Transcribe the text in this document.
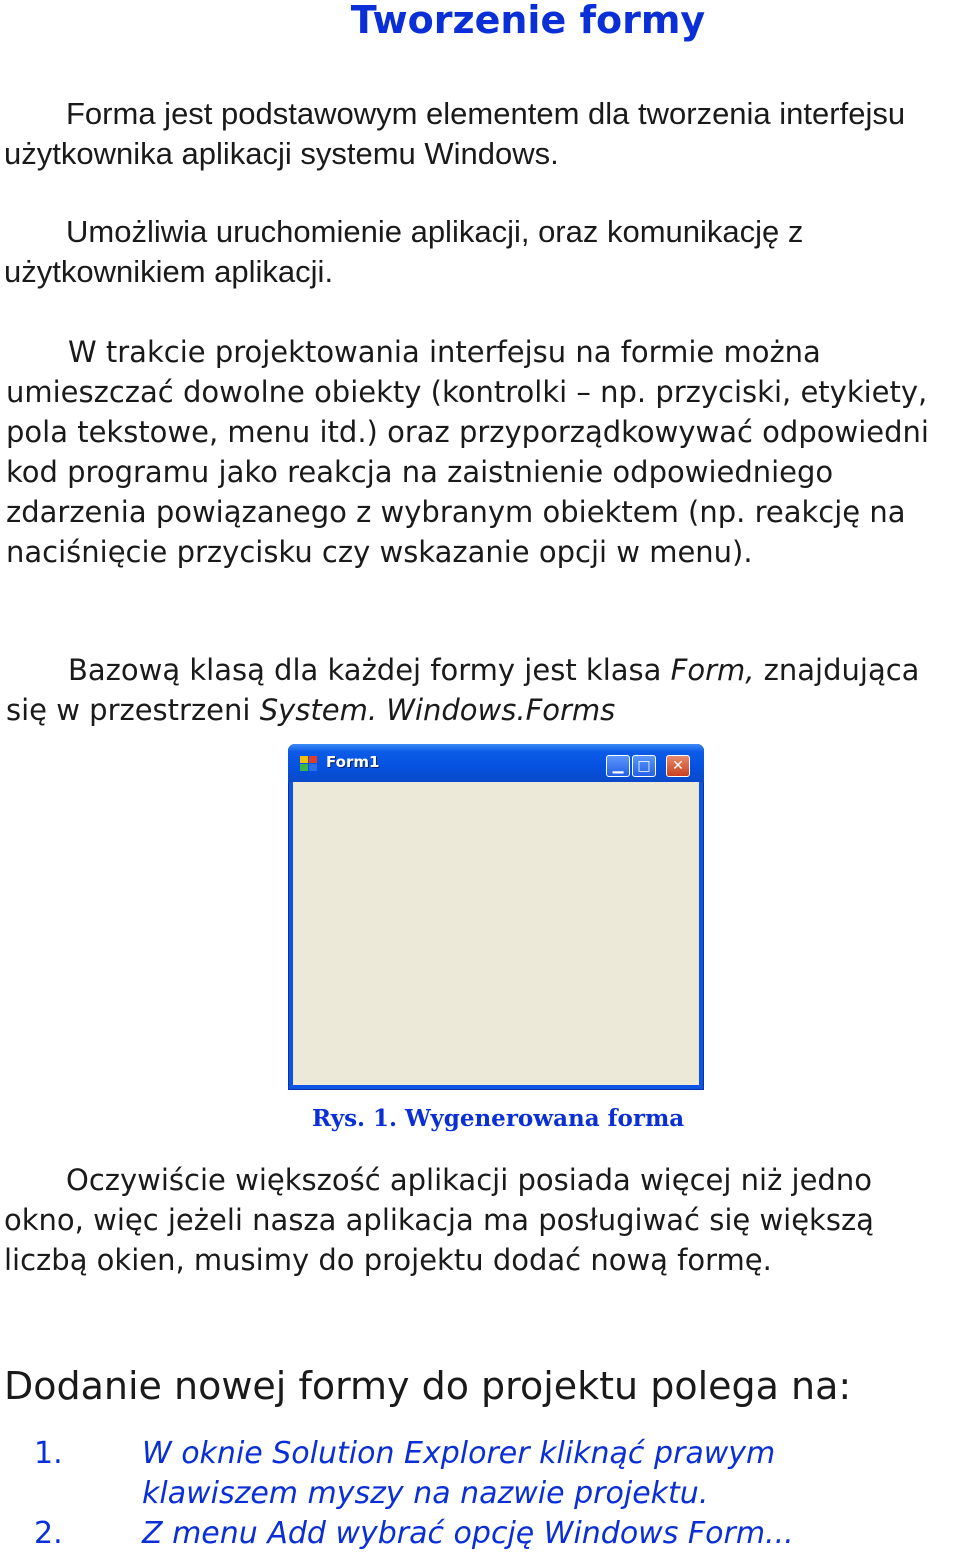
Tworzenie formy

Forma jest podstawowym elementem dla tworzenia interfejsu użytkownika aplikacji systemu Windows.

Umożliwia uruchomienie aplikacji, oraz komunikację z użytkownikiem aplikacji.

W trakcie projektowania interfejsu na formie można umieszczać dowolne obiekty (kontrolki – np. przyciski, etykiety, pola tekstowe, menu itd.) oraz przyporządkowywać odpowiedni kod programu jako reakcja na zaistnienie odpowiedniego zdarzenia powiązanego z wybranym obiektem (np. reakcję na naciśnięcie przycisku czy wskazanie opcji w menu).

Bazową klasą dla każdej formy jest klasa Form, znajdująca się w przestrzeni System. Windows.Forms

Form1	▁ □	✕
Rys. 1. Wygenerowana forma

Oczywiście większość aplikacji posiada więcej niż jedno okno, więc jeżeli nasza aplikacja ma posługiwać się większą liczbą okien, musimy do projektu dodać nową formę.

Dodanie nowej formy do projektu polega na:
1.	W oknie Solution Explorer kliknąć prawym klawiszem myszy na nazwie projektu.
2.	Z menu Add wybrać opcję Windows Form...
